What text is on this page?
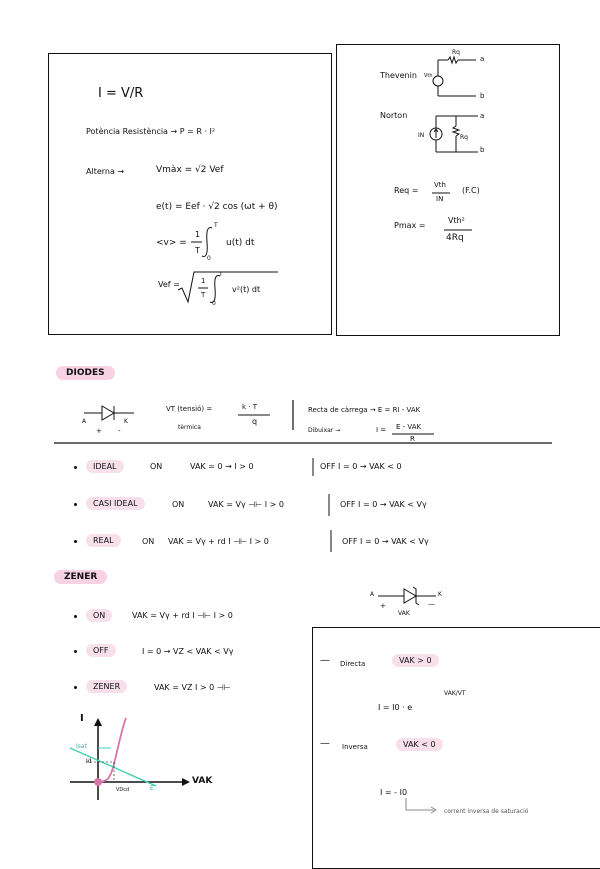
I = V/R
Potència Resistència → P = R · I²
Alterna →	Vmàx = √2 Vef
e(t) = Eef · √2 cos (ωt + θ)
<v> =
1
T
T
0
u(t) dt
Vef =	1
T
T
0
v²(t) dt
Thevenin Vth
Rq
a
b
Norton
IN	Rq
a
b
Req =
Vth
IN
(F.C)
Pmax =
Vth²
4Rq
DIODES
A	K
+ -
VT (tensió) =	k · T
q
tèrmica
Recta de càrrega → E = RI - VAK
Dibuixar →	I = E - VAK
R
IDEAL	ON	VAK = 0 → I > 0	OFF I = 0 → VAK < 0
CASI IDEAL	ON	VAK = Vγ ⊣⊢ I > 0	OFF I = 0 → VAK < Vγ
REAL	ON VAK = Vγ + rd I ⊣⊢ I > 0	OFF I = 0 → VAK < Vγ
ZENER
ON	VAK = Vγ + rd I ⊣⊢ I > 0
OFF	I = 0 → VZ < VAK < Vγ
ZENER	VAK = VZ I > 0 ⊣⊢
A	K
+	—
VAK
I
VAK
Isat
Id
VDcd	E
— Directa	VAK > 0
I = I0 · e
VAK/VT
— Inversa	VAK < 0
I = - I0
corrent inversa de saturació
